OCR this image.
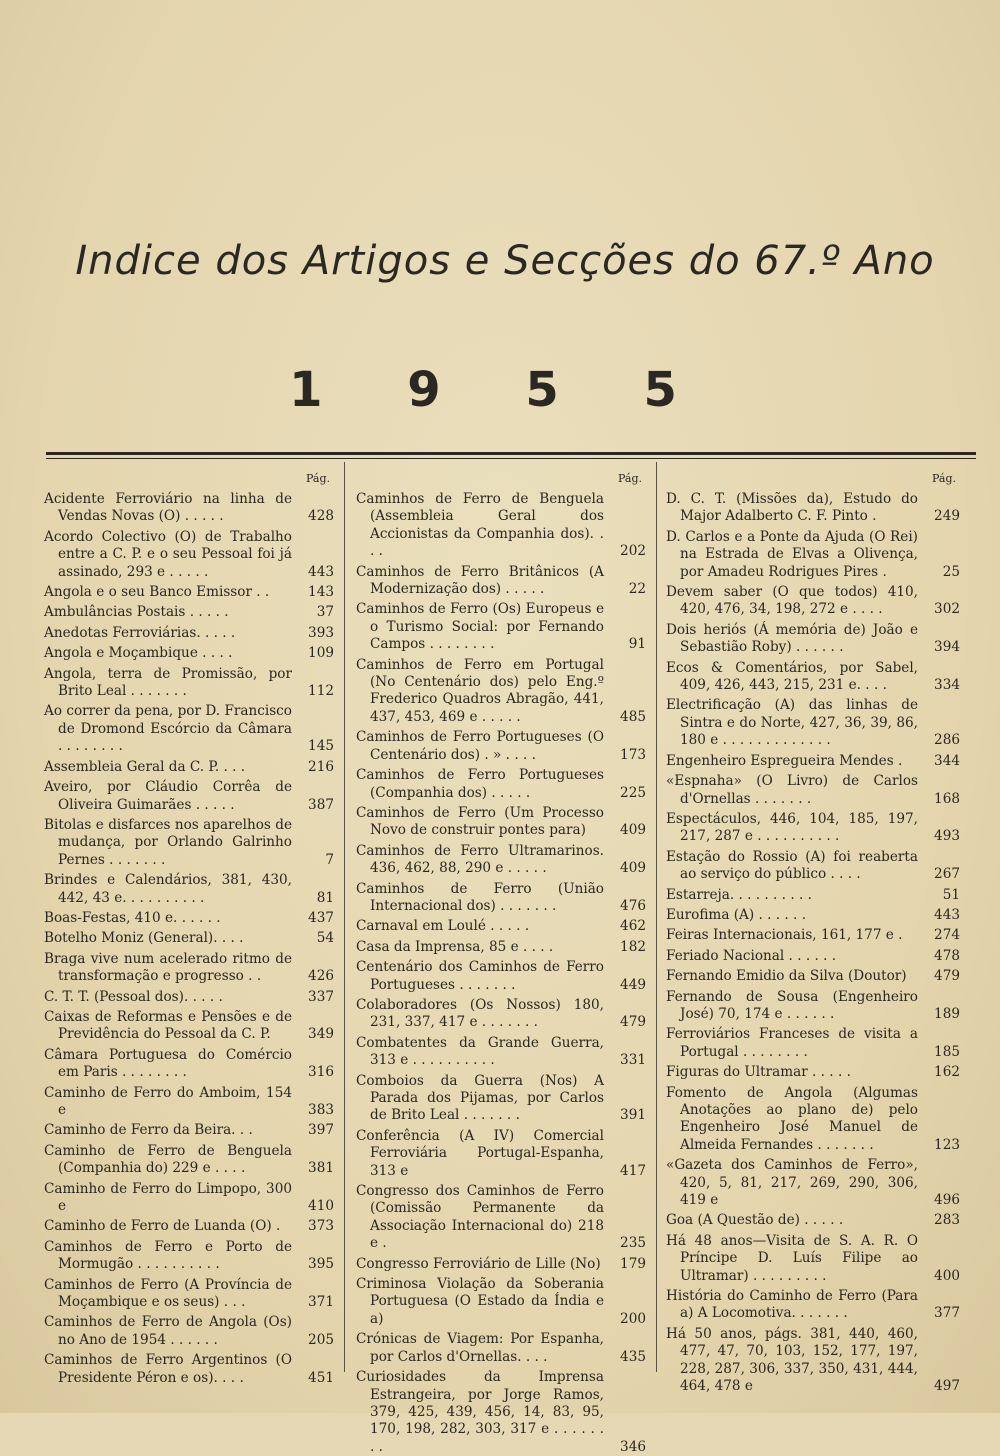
Indice dos Artigos e Secções do 67.º Ano
1 9 5 5
Pág.
Acidente Ferroviário na linha de Vendas Novas (O) . . . . .	428
Acordo Colectivo (O) de Trabalho entre a C. P. e o seu Pessoal foi já assinado, 293 e . . . . .	443
Angola e o seu Banco Emissor . .	143
Ambulâncias Postais . . . . .	37
Anedotas Ferroviárias. . . . .	393
Angola e Moçambique . . . .	109
Angola, terra de Promissão, por Brito Leal . . . . . . .	112
Ao correr da pena, por D. Francisco de Dromond Escórcio da Câmara . . . . . . . .	145
Assembleia Geral da C. P. . . .	216
Aveiro, por Cláudio Corrêa de Oliveira Guimarães . . . . .	387
Bitolas e disfarces nos aparelhos de mudança, por Orlando Galrinho Pernes . . . . . . .	7
Brindes e Calendários, 381, 430, 442, 43 e. . . . . . . . . .	81
Boas-Festas, 410 e. . . . . .	437
Botelho Moniz (General). . . .	54
Braga vive num acelerado ritmo de transformação e progresso . .	426
C. T. T. (Pessoal dos). . . . .	337
Caixas de Reformas e Pensões e de Previdência do Pessoal da C. P.	349
Câmara Portuguesa do Comércio em Paris . . . . . . . .	316
Caminho de Ferro do Amboim, 154 e	383
Caminho de Ferro da Beira. . .	397
Caminho de Ferro de Benguela (Companhia do) 229 e . . . .	381
Caminho de Ferro do Limpopo, 300 e	410
Caminho de Ferro de Luanda (O) .	373
Caminhos de Ferro e Porto de Mormugão . . . . . . . . . .	395
Caminhos de Ferro (A Província de Moçambique e os seus) . . .	371
Caminhos de Ferro de Angola (Os) no Ano de 1954 . . . . . .	205
Caminhos de Ferro Argentinos (O Presidente Péron e os). . . .	451
Pág.
Caminhos de Ferro de Benguela (Assembleia Geral dos Accionistas da Companhia dos). . . .	202
Caminhos de Ferro Britânicos (A Modernização dos) . . . . .	22
Caminhos de Ferro (Os) Europeus e o Turismo Social: por Fernando Campos . . . . . . . .	91
Caminhos de Ferro em Portugal (No Centenário dos) pelo Eng.º Frederico Quadros Abragão, 441, 437, 453, 469 e . . . . .	485
Caminhos de Ferro Portugueses (O Centenário dos) . » . . . .	173
Caminhos de Ferro Portugueses (Companhia dos) . . . . .	225
Caminhos de Ferro (Um Processo Novo de construir pontes para)	409
Caminhos de Ferro Ultramarinos. 436, 462, 88, 290 e . . . . .	409
Caminhos de Ferro (União Internacional dos) . . . . . . .	476
Carnaval em Loulé . . . . .	462
Casa da Imprensa, 85 e . . . .	182
Centenário dos Caminhos de Ferro Portugueses . . . . . . .	449
Colaboradores (Os Nossos) 180, 231, 337, 417 e . . . . . . .	479
Combatentes da Grande Guerra, 313 e . . . . . . . . . .	331
Comboios da Guerra (Nos) A Parada dos Pijamas, por Carlos de Brito Leal . . . . . . .	391
Conferência (A IV) Comercial Ferroviária Portugal-Espanha, 313 e	417
Congresso dos Caminhos de Ferro (Comissão Permanente da Associação Internacional do) 218 e .	235
Congresso Ferroviário de Lille (No)	179
Criminosa Violação da Soberania Portuguesa (O Estado da Índia e a)	200
Crónicas de Viagem: Por Espanha, por Carlos d'Ornellas. . . .	435
Curiosidades da Imprensa Estrangeira, por Jorge Ramos, 379, 425, 439, 456, 14, 83, 95, 170, 198, 282, 303, 317 e . . . . . . . .	346
Pág.
D. C. T. (Missões da), Estudo do Major Adalberto C. F. Pinto .	249
D. Carlos e a Ponte da Ajuda (O Rei) na Estrada de Elvas a Olivença, por Amadeu Rodrigues Pires .	25
Devem saber (O que todos) 410, 420, 476, 34, 198, 272 e . . . .	302
Dois heriós (Á memória de) João e Sebastião Roby) . . . . . .	394
Ecos & Comentários, por Sabel, 409, 426, 443, 215, 231 e. . . .	334
Electrificação (A) das linhas de Sintra e do Norte, 427, 36, 39, 86, 180 e . . . . . . . . . . . . .	286
Engenheiro Espregueira Mendes .	344
«Espnaha» (O Livro) de Carlos d'Ornellas . . . . . . .	168
Espectáculos, 446, 104, 185, 197, 217, 287 e . . . . . . . . . .	493
Estação do Rossio (A) foi reaberta ao serviço do público . . . .	267
Estarreja. . . . . . . . . .	51
Eurofima (A) . . . . . .	443
Feiras Internacionais, 161, 177 e .	274
Feriado Nacional . . . . . .	478
Fernando Emidio da Silva (Doutor)	479
Fernando de Sousa (Engenheiro José) 70, 174 e . . . . . .	189
Ferroviários Franceses de visita a Portugal . . . . . . . .	185
Figuras do Ultramar . . . . .	162
Fomento de Angola (Algumas Anotações ao plano de) pelo Engenheiro José Manuel de Almeida Fernandes . . . . . . .	123
«Gazeta dos Caminhos de Ferro», 420, 5, 81, 217, 269, 290, 306, 419 e	496
Goa (A Questão de) . . . . .	283
Há 48 anos—Visita de S. A. R. O Príncipe D. Luís Filipe ao Ultramar) . . . . . . . . .	400
História do Caminho de Ferro (Para a) A Locomotiva. . . . . . .	377
Há 50 anos, págs. 381, 440, 460, 477, 47, 70, 103, 152, 177, 197, 228, 287, 306, 337, 350, 431, 444, 464, 478 e	497
